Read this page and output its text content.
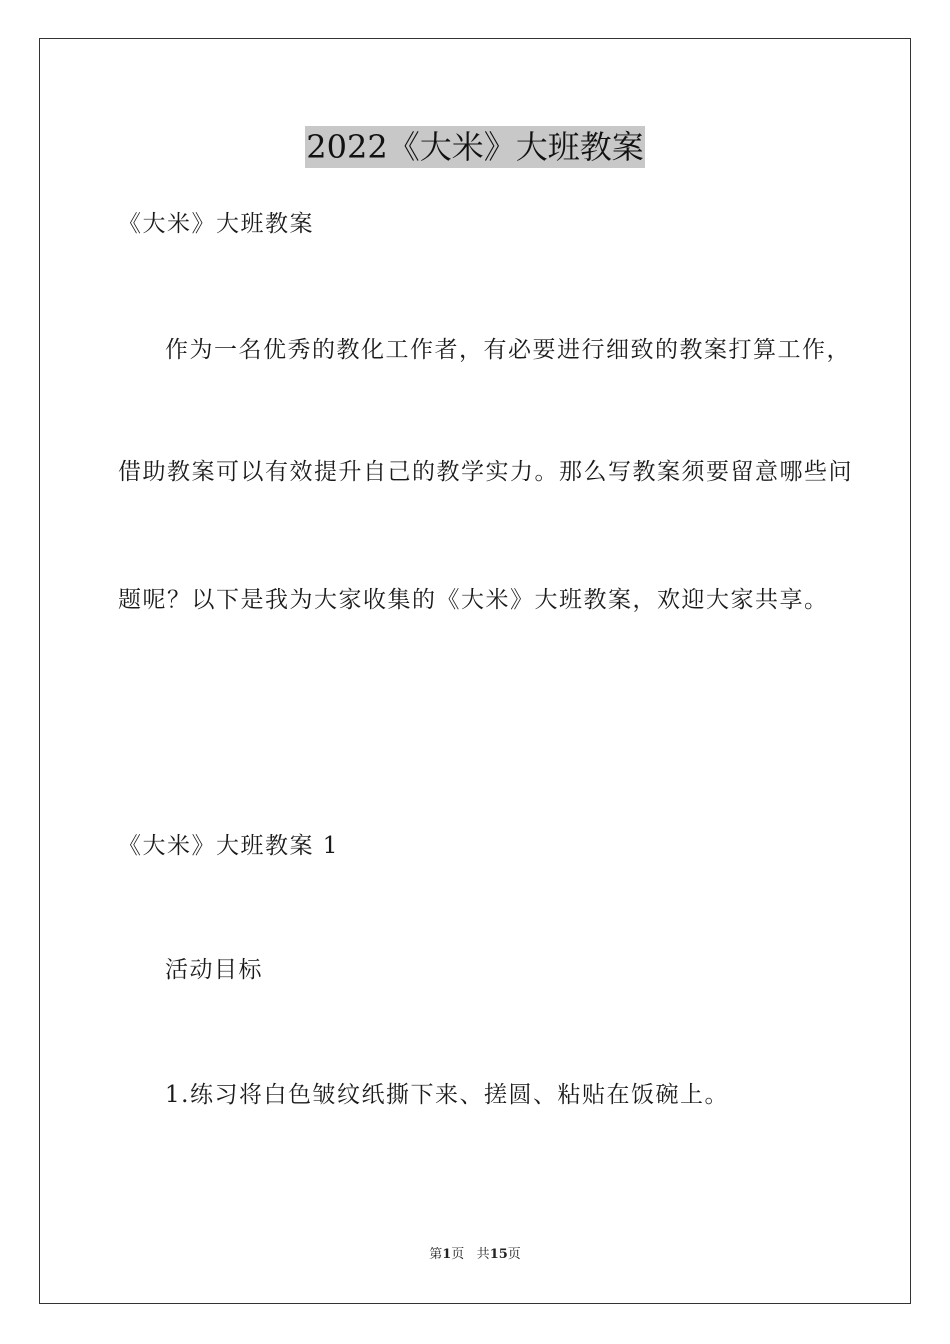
2022《大米》大班教案
《大米》大班教案
作为一名优秀的教化工作者，有必要进行细致的教案打算工作，
借助教案可以有效提升自己的教学实力。那么写教案须要留意哪些问
题呢？以下是我为大家收集的《大米》大班教案，欢迎大家共享。
《大米》大班教案 1
活动目标
1.练习将白色皱纹纸撕下来、搓圆、粘贴在饭碗上。
第1页 共15页
